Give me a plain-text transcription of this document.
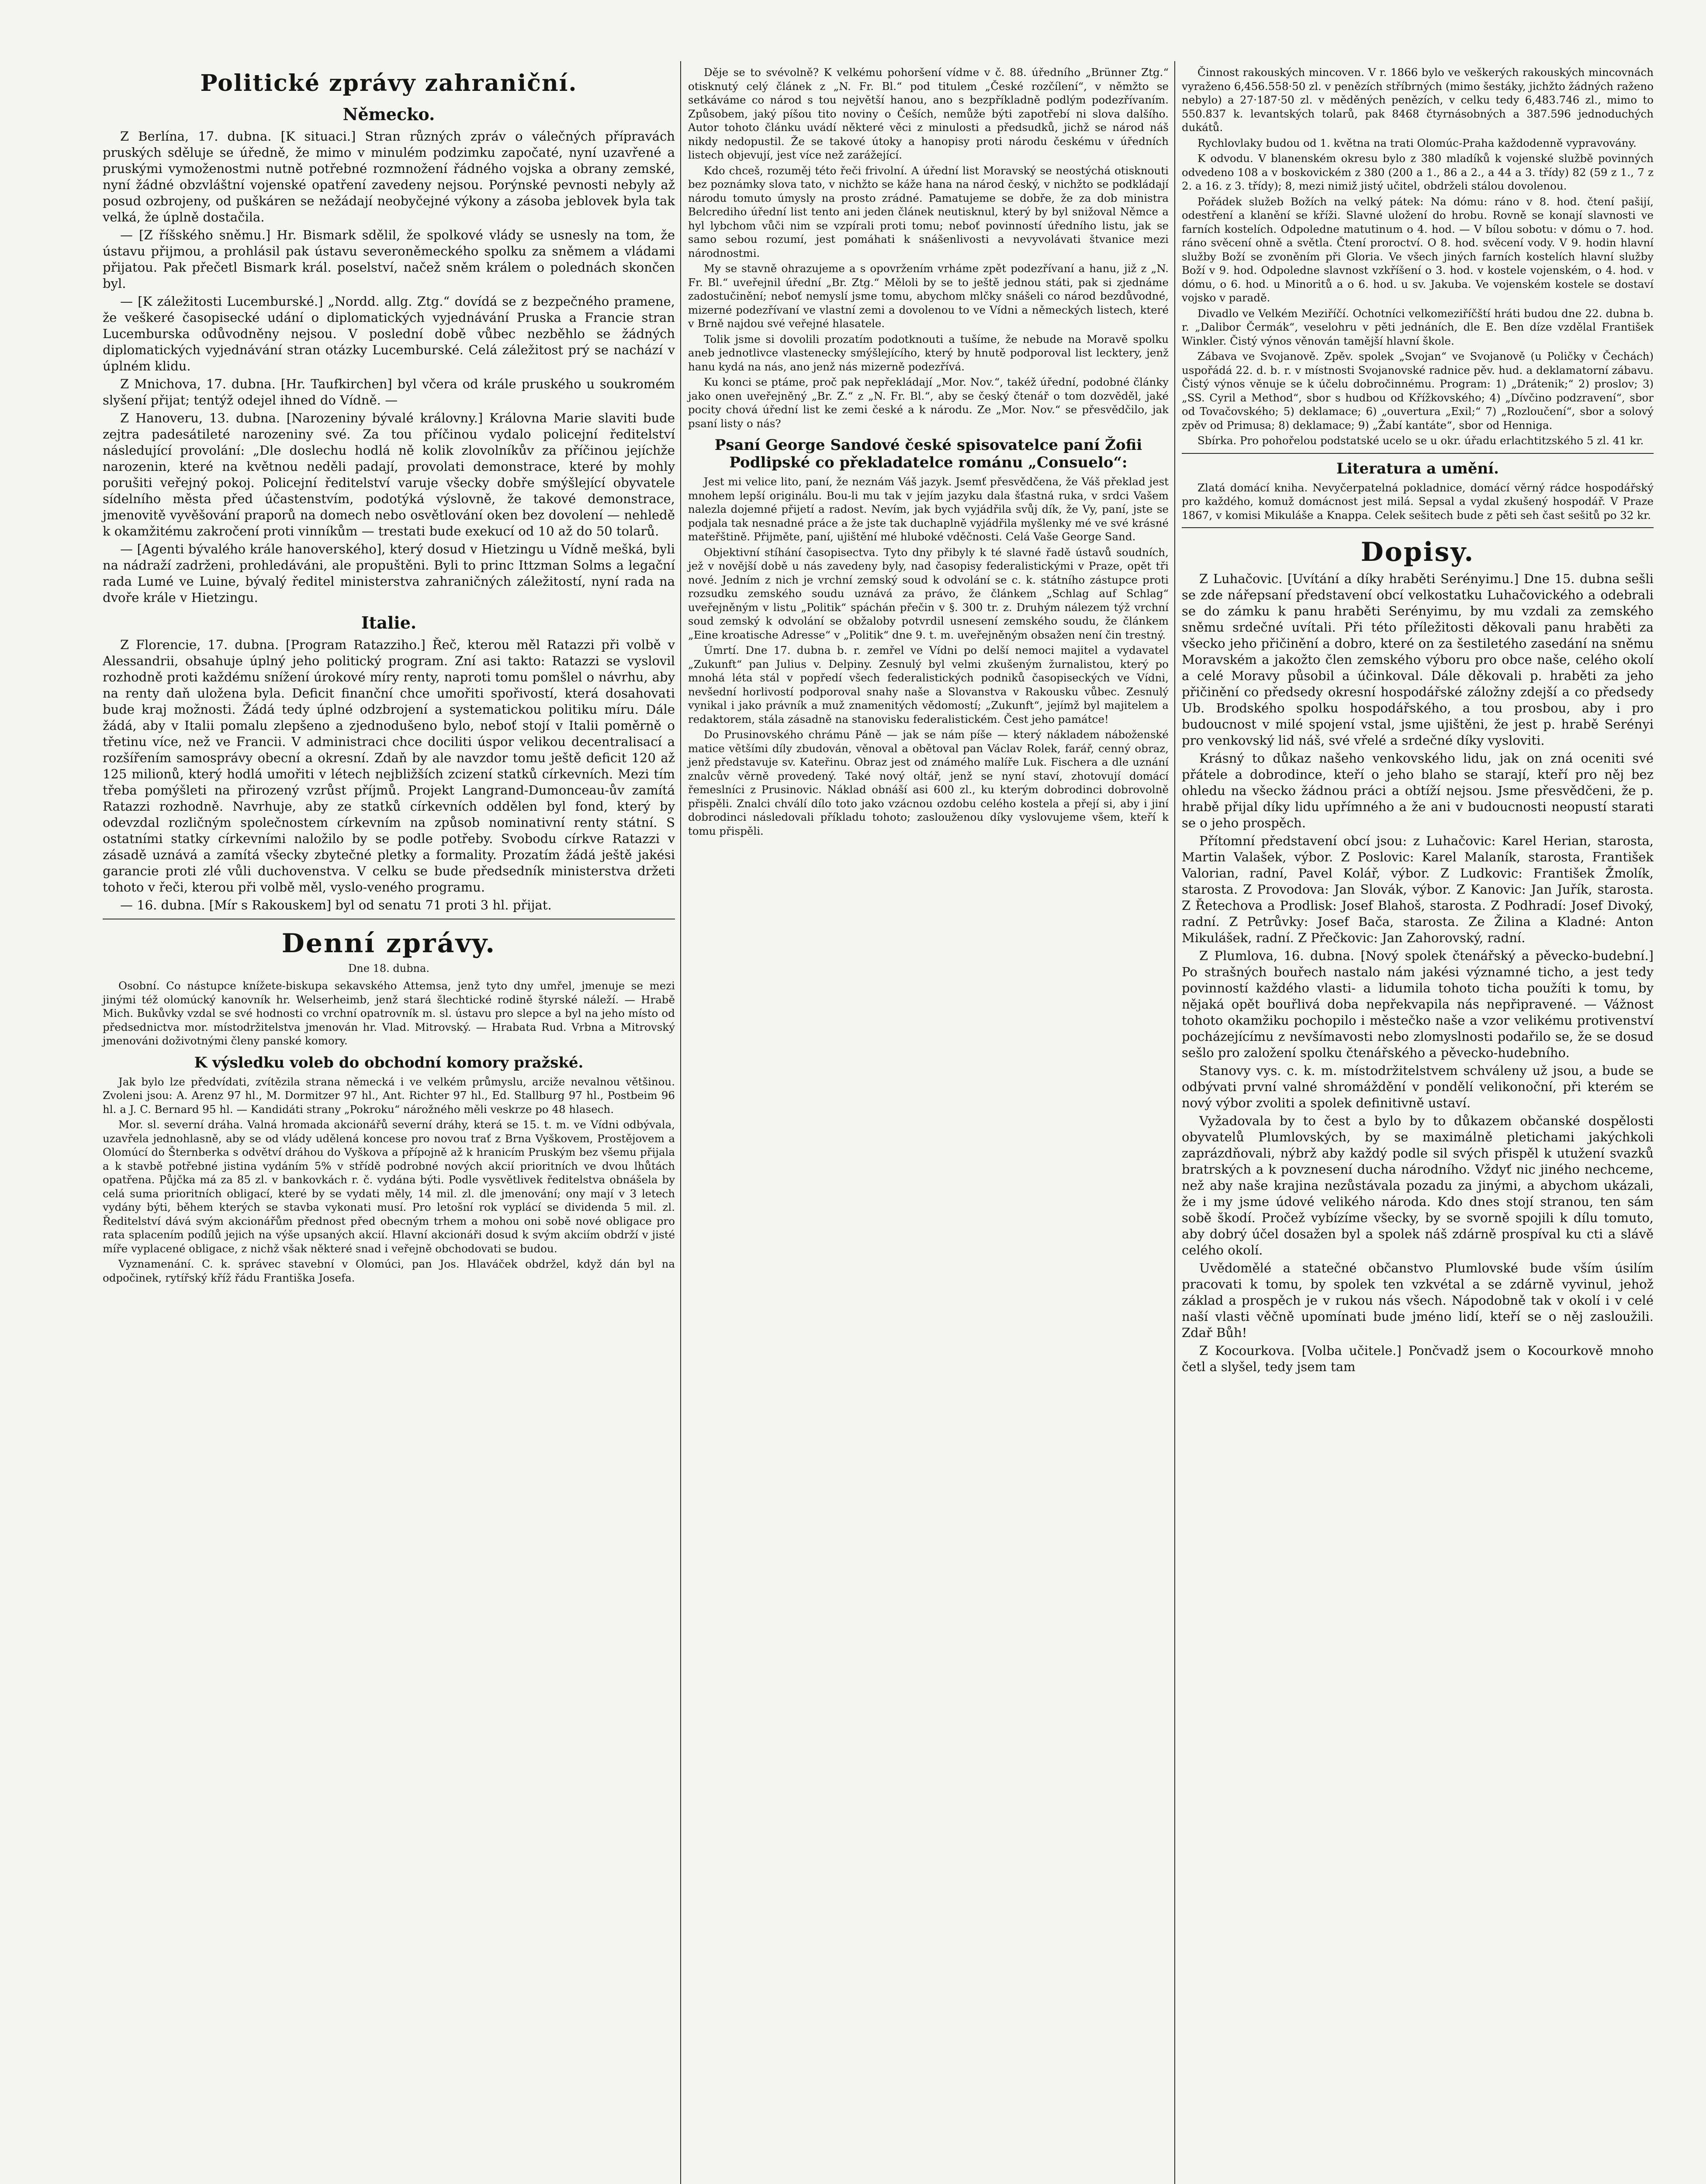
Politické zprávy zahraniční.
Německo.

Z Berlína, 17. dubna. [K situaci.] Stran různých zpráv o válečných přípravách pruských sděluje se úředně, že mimo v minulém podzimku započaté, nyní uzavřené a pruskými vymoženostmi nutně potřebné rozmnožení řádného vojska a obrany zemské, nyní žádné obzvláštní vojenské opatření zavedeny nejsou. Porýnské pevnosti nebyly až posud ozbrojeny, od puškáren se nežádají neobyčejné výkony a zásoba jeblovek byla tak velká, že úplně dostačila.

— [Z říšského sněmu.] Hr. Bismark sdělil, že spolkové vlády se usnesly na tom, že ústavu přijmou, a prohlásil pak ústavu severoněmeckého spolku za sněmem a vládami přijatou. Pak přečetl Bismark král. poselství, načež sněm králem o polednách skončen byl.

— [K záležitosti Lucemburské.] „Nordd. allg. Ztg.“ dovídá se z bezpečného pramene, že veškeré časopisecké udání o diplomatických vyjednávání Pruska a Francie stran Lucemburska odůvodněny nejsou. V poslední době vůbec nezběhlo se žádných diplomatických vyjednávání stran otázky Lucemburské. Celá záležitost prý se nachází v úplném klidu.

Z Mnichova, 17. dubna. [Hr. Taufkirchen] byl včera od krále pruského u soukromém slyšení přijat; tentýž odejel ihned do Vídně. —

Z Hanoveru, 13. dubna. [Narozeniny bývalé královny.] Královna Marie slaviti bude zejtra padesátileté narozeniny své. Za tou příčinou vydalo policejní ředitelství následující provolání: „Dle doslechu hodlá ně kolik zlovolníkův za příčinou jejíchže narozenin, které na květnou neděli padají, provolati demonstrace, které by mohly porušiti veřejný pokoj. Policejní ředitelství varuje všecky dobře smýšlející obyvatele sídelního města před účastenstvím, podotýká výslovně, že takové demonstrace, jmenovitě vyvěšování praporů na domech nebo osvětlování oken bez dovolení — nehledě k okamžitému zakročení proti vinníkům — trestati bude exekucí od 10 až do 50 tolarů.

— [Agenti bývalého krále hanoverského], který dosud v Hietzingu u Vídně mešká, byli na nádraží zadrženi, prohledáváni, ale propuštěni. Byli to princ Ittzman Solms a legační rada Lumé ve Luine, bývalý ředitel ministerstva zahraničných záležitostí, nyní rada na dvoře krále v Hietzingu.

Italie.

Z Florencie, 17. dubna. [Program Ratazziho.] Řeč, kterou měl Ratazzi při volbě v Alessandrii, obsahuje úplný jeho politický program. Zní asi takto: Ratazzi se vyslovil rozhodně proti každému snížení úrokové míry renty, naproti tomu pomšlel o návrhu, aby na renty daň uložena byla. Deficit finanční chce umořiti spořivostí, která dosahovati bude kraj možnosti. Žádá tedy úplné odzbrojení a systematickou politiku míru. Dále žádá, aby v Italii pomalu zlepšeno a zjednodušeno bylo, neboť stojí v Italii poměrně o třetinu více, než ve Francii. V administraci chce dociliti úspor velikou decentralisací a rozšířením samosprávy obecní a okresní. Zdaň by ale navzdor tomu ještě deficit 120 až 125 milionů, který hodlá umořiti v létech nejbližších zcizení statků církevních. Mezi tím třeba pomýšleti na přirozený vzrůst příjmů. Projekt Langrand-Dumonceau-ův zamítá Ratazzi rozhodně. Navrhuje, aby ze statků církevních oddělen byl fond, který by odevzdal rozličným společnostem církevním na způsob nominativní renty státní. S ostatními statky církevními naložilo by se podle potřeby. Svobodu církve Ratazzi v zásadě uznává a zamítá všecky zbytečné pletky a formality. Prozatím žádá ještě jakési garancie proti zlé vůli duchovenstva. V celku se bude předsedník ministerstva držeti tohoto v řeči, kterou při volbě měl, vyslo-veného programu.

— 16. dubna. [Mír s Rakouskem] byl od senatu 71 proti 3 hl. přijat.

Denní zprávy.
Dne 18. dubna.

Osobní. Co nástupce knížete-biskupa sekavského Attemsa, jenž tyto dny umřel, jmenuje se mezi jinými též olomúcký kanovník hr. Welserheimb, jenž stará šlechtické rodině štyrské náleží. — Hrabě Mich. Bukůvky vzdal se své hodnosti co vrchní opatrovník m. sl. ústavu pro slepce a byl na jeho místo od předsednictva mor. místodržitelstva jmenován hr. Vlad. Mitrovský. — Hrabata Rud. Vrbna a Mitrovský jmenováni doživotnými členy panské komory.

K výsledku voleb do obchodní komory pražské.

Jak bylo lze předvídati, zvítězila strana německá i ve velkém průmyslu, arciže nevalnou většinou. Zvoleni jsou: A. Arenz 97 hl., M. Dormitzer 97 hl., Ant. Richter 97 hl., Ed. Stallburg 97 hl., Postbeim 96 hl. a J. C. Bernard 95 hl. — Kandidáti strany „Pokroku“ nárožného měli veskrze po 48 hlasech.

Mor. sl. severní dráha. Valná hromada akcionářů severní dráhy, která se 15. t. m. ve Vídni odbývala, uzavřela jednohlasně, aby se od vlády udělená koncese pro novou trať z Brna Vyškovem, Prostějovem a Olomúcí do Šternberka s odvětví dráhou do Vyškova a přípojně až k hranicím Pruským bez všemu přijala a k stavbě potřebné jistina vydáním 5% v střídě podrobné nových akcií prioritních ve dvou lhůtách opatřena. Půjčka má za 85 zl. v bankovkách r. č. vydána býti. Podle vysvětlivek ředitelstva obnášela by celá suma prioritních obligací, které by se vydati měly, 14 mil. zl. dle jmenování; ony mají v 3 letech vydány býti, během kterých se stavba vykonati musí. Pro letošní rok vyplácí se dividenda 5 mil. zl. Ředitelství dává svým akcionářům přednost před obecným trhem a mohou oni sobě nové obligace pro rata splacením podílů jejich na výše upsaných akcií. Hlavní akcionáři dosud k svým akciím obdrží v jisté míře vyplacené obligace, z nichž však některé snad i veřejně obchodovati se budou.

Vyznamenání. C. k. správec stavební v Olomúci, pan Jos. Hlaváček obdržel, když dán byl na odpočinek, rytířský kříž řádu Františka Josefa.

Děje se to svévolně? K velkému pohoršení vídme v č. 88. úředního „Brünner Ztg.“ otisknutý celý článek z „N. Fr. Bl.“ pod titulem „České rozčílení“, v němžto se setkáváme co národ s tou největší hanou, ano s bezpříkladně podlým podezřívaním. Způsobem, jaký píšou tito noviny o Češích, nemůže býti zapotřebí ni slova dalšího. Autor tohoto článku uvádí některé věci z minulosti a předsudků, jichž se národ náš nikdy nedopustil. Že se takové útoky a hanopisy proti národu českému v úředních listech objevují, jest více než zarážející.

Kdo chceš, rozuměj této řeči frivolní. A úřední list Moravský se neostýchá otisknouti bez poznámky slova tato, v nichžto se káže hana na národ český, v nichžto se podkládají národu tomuto úmysly na prosto zrádné. Pamatujeme se dobře, že za dob ministra Belcrediho úřední list tento ani jeden článek neutisknul, který by byl snižoval Němce a hyl lybchom vůči nim se vzpírali proti tomu; neboť povinností úředního listu, jak se samo sebou rozumí, jest pomáhati k snášenlivosti a nevyvolávati štvanice mezi národnostmi.

My se stavně ohrazujeme a s opovržením vrháme zpět podezřívaní a hanu, již z „N. Fr. Bl.“ uveřejnil úřední „Br. Ztg.“ Měloli by se to ještě jednou státi, pak si zjednáme zadostučinění; neboť nemyslí jsme tomu, abychom mlčky snášeli co národ bezdůvodné, mizerné podezřívaní ve vlastní zemi a dovolenou to ve Vídni a německých listech, které v Brně najdou své veřejné hlasatele.

Tolik jsme si dovolili prozatím podotknouti a tušíme, že nebude na Moravě spolku aneb jednotlivce vlastenecky smýšlejícího, který by hnutě podporoval list lecktery, jenž hanu kydá na nás, ano jenž nás mizerně podezřívá.

Ku konci se ptáme, proč pak nepřekládají „Mor. Nov.“, takéž úřední, podobné články jako onen uveřejněný „Br. Z.“ z „N. Fr. Bl.“, aby se český čtenář o tom dozvěděl, jaké pocity chová úřední list ke zemi české a k národu. Ze „Mor. Nov.“ se přesvědčilo, jak psaní listy o nás?

Psaní George Sandové české spisovatelce paní Žofii Podlipské co překladatelce románu „Consuelo“:

Jest mi velice lito, paní, že neznám Váš jazyk. Jsemť přesvědčena, že Váš překlad jest mnohem lepší originálu. Bou-li mu tak v jejím jazyku dala šťastná ruka, v srdci Vašem nalezla dojemné přijetí a radost. Nevím, jak bych vyjádřila svůj dík, že Vy, paní, jste se podjala tak nesnadné práce a že jste tak duchaplně vyjádřila myšlenky mé ve své krásné mateřštině. Přijměte, paní, ujištění mé hluboké vděčnosti. Celá Vaše George Sand.

Objektivní stíhání časopisectva. Tyto dny přibyly k té slavné řadě ústavů soudních, jež v novější době u nás zavedeny byly, nad časopisy federalistickými v Praze, opět tři nové. Jedním z nich je vrchní zemský soud k odvolání se c. k. státního zástupce proti rozsudku zemského soudu uznává za právo, že článkem „Schlag auf Schlag“ uveřejněným v listu „Politik“ spáchán přečin v §. 300 tr. z. Druhým nálezem týž vrchní soud zemský k odvolání se obžaloby potvrdil usnesení zemského soudu, že článkem „Eine kroatische Adresse“ v „Politik“ dne 9. t. m. uveřejněným obsažen není čin trestný.

Úmrtí. Dne 17. dubna b. r. zemřel ve Vídni po delší nemoci majitel a vydavatel „Zukunft“ pan Julius v. Delpiny. Zesnulý byl velmi zkušeným žurnalistou, který po mnohá léta stál v popředí všech federalistických podniků časopiseckých ve Vídni, nevšední horlivostí podporoval snahy naše a Slovanstva v Rakousku vůbec. Zesnulý vynikal i jako právník a muž znamenitých vědomostí; „Zukunft“, jejímž byl majitelem a redaktorem, stála zásadně na stanovisku federalistickém. Čest jeho památce!

Do Prusinovského chrámu Páně — jak se nám píše — který nákladem náboženské matice většími díly zbudován, věnoval a obětoval pan Václav Rolek, farář, cenný obraz, jenž představuje sv. Kateřinu. Obraz jest od známého malíře Luk. Fischera a dle uznání znalcův věrně provedený. Také nový oltář, jenž se nyní staví, zhotovují domácí řemeslníci z Prusinovic. Náklad obnáší asi 600 zl., ku kterým dobrodinci dobrovolně přispěli. Znalci chválí dílo toto jako vzácnou ozdobu celého kostela a přejí si, aby i jiní dobrodinci následovali příkladu tohoto; zaslouženou díky vyslovujeme všem, kteří k tomu přispěli.

Činnost rakouských mincoven. V r. 1866 bylo ve veškerých rakouských mincovnách vyraženo 6,456.558·50 zl. v penězích stříbrných (mimo šestáky, jichžto žádných raženo nebylo) a 27·187·50 zl. v měděných penězích, v celku tedy 6,483.746 zl., mimo to 550.837 k. levantských tolarů, pak 8468 čtyrnásobných a 387.596 jednoduchých dukátů.

Rychlovlaky budou od 1. května na trati Olomúc-Praha každodenně vypravovány.

K odvodu. V blanenském okresu bylo z 380 mladíků k vojenské službě povinných odvedeno 108 a v boskovickém z 380 (200 a 1., 86 a 2., a 44 a 3. třídy) 82 (59 z 1., 7 z 2. a 16. z 3. třídy); 8, mezi nimiž jistý učitel, obdrželi stálou dovolenou.

Pořádek služeb Božích na velký pátek: Na dómu: ráno v 8. hod. čtení pašijí, odestření a klanění se kříži. Slavné uložení do hrobu. Rovně se konají slavnosti ve farních kostelích. Odpoledne matutinum o 4. hod. — V bílou sobotu: v dómu o 7. hod. ráno svěcení ohně a světla. Čtení proroctví. O 8. hod. svěcení vody. V 9. hodin hlavní služby Boží se zvoněním při Gloria. Ve všech jiných farních kostelích hlavní služby Boží v 9. hod. Odpoledne slavnost vzkříšení o 3. hod. v kostele vojenském, o 4. hod. v dómu, o 6. hod. u Minoritů a o 6. hod. u sv. Jakuba. Ve vojenském kostele se dostaví vojsko v paradě.

Divadlo ve Velkém Meziříčí. Ochotníci velkomeziříčští hráti budou dne 22. dubna b. r. „Dalibor Čermák“, veselohru v pěti jednáních, dle E. Ben díze vzdělal František Winkler. Čistý výnos věnován tamější hlavní škole.

Zábava ve Svojanově. Zpěv. spolek „Svojan“ ve Svojanově (u Poličky v Čechách) uspořádá 22. d. b. r. v místnosti Svojanovské radnice pěv. hud. a deklamatorní zábavu. Čistý výnos věnuje se k účelu dobročinnému. Program: 1) „Drátenik;“ 2) proslov; 3) „SS. Cyril a Method“, sbor s hudbou od Křížkovského; 4) „Dívčino podzravení“, sbor od Tovačovského; 5) deklamace; 6) „ouvertura „Exil;“ 7) „Rozloučení“, sbor a solový zpěv od Primusa; 8) deklamace; 9) „Žabí kantáte“, sbor od Henniga.

Sbírka. Pro pohořelou podstatské ucelo se u okr. úřadu erlachtitzského 5 zl. 41 kr.

Literatura a umění.

Zlatá domácí kniha. Nevyčerpatelná pokladnice, domácí věrný rádce hospodářský pro každého, komuž domácnost jest milá. Sepsal a vydal zkušený hospodář. V Praze 1867, v komisi Mikuláše a Knappa. Celek sešitech bude z pěti seh čast sešitů po 32 kr.

Dopisy.

Z Luhačovic. [Uvítání a díky hraběti Serényimu.] Dne 15. dubna sešli se zde nářepsaní představení obcí velkostatku Luhačovického a odebrali se do zámku k panu hraběti Serényimu, by mu vzdali za zemského sněmu srdečné uvítali. Při této příležitosti děkovali panu hraběti za všecko jeho přičinění a dobro, které on za šestiletého zasedání na sněmu Moravském a jakožto člen zemského výboru pro obce naše, celého okolí a celé Moravy působil a účinkoval. Dále děkovali p. hraběti za jeho přičinění co předsedy okresní hospodářské záložny zdejší a co předsedy Ub. Brodského spolku hospodářského, a tou prosbou, aby i pro budoucnost v milé spojení vstal, jsme ujištěni, že jest p. hrabě Serényi pro venkovský lid náš, své vřelé a srdečné díky vysloviti.

Krásný to důkaz našeho venkovského lidu, jak on zná oceniti své přátele a dobrodince, kteří o jeho blaho se starají, kteří pro něj bez ohledu na všecko žádnou práci a obtíží nejsou. Jsme přesvědčeni, že p. hrabě přijal díky lidu upřímného a že ani v budoucnosti neopustí starati se o jeho prospěch.

Přítomní představení obcí jsou: z Luhačovic: Karel Herian, starosta, Martin Valašek, výbor. Z Poslovic: Karel Malaník, starosta, František Valorian, radní, Pavel Kolář, výbor. Z Ludkovic: František Žmolík, starosta. Z Provodova: Jan Slovák, výbor. Z Kanovic: Jan Juřík, starosta. Z Řetechova a Prodlisk: Josef Blahoš, starosta. Z Podhradí: Josef Divoký, radní. Z Petrůvky: Josef Bača, starosta. Ze Žilina a Kladné: Anton Mikulášek, radní. Z Přečkovic: Jan Zahorovský, radní.

Z Plumlova, 16. dubna. [Nový spolek čtenářský a pěvecko-budební.] Po strašných bouřech nastalo nám jakési významné ticho, a jest tedy povinností každého vlasti- a lidumila tohoto ticha použíti k tomu, by nějaká opět bouřlivá doba nepřekvapila nás nepřipravené. — Vážnost tohoto okamžiku pochopilo i městečko naše a vzor velikému protivenství pocházejícímu z nevšímavosti nebo zlomyslnosti podařilo se, že se dosud sešlo pro založení spolku čtenářského a pěvecko-hudebního.

Stanovy vys. c. k. m. místodržitelstvem schváleny už jsou, a bude se odbývati první valné shromáždění v pondělí velikonoční, při kterém se nový výbor zvoliti a spolek definitivně ustaví.

Vyžadovala by to čest a bylo by to důkazem občanské dospělosti obyvatelů Plumlovských, by se maximálně pletichami jakýchkoli zaprázdňovali, nýbrž aby každý podle sil svých přispěl k utužení svazků bratrských a k povznesení ducha národního. Vždyť nic jiného nechceme, než aby naše krajina nezůstávala pozadu za jinými, a abychom ukázali, že i my jsme údové velikého národa. Kdo dnes stojí stranou, ten sám sobě škodí. Pročež vybízíme všecky, by se svorně spojili k dílu tomuto, aby dobrý účel dosažen byl a spolek náš zdárně prospíval ku cti a slávě celého okolí.

Uvědomělé a statečné občanstvo Plumlovské bude vším úsilím pracovati k tomu, by spolek ten vzkvétal a se zdárně vyvinul, jehož základ a prospěch je v rukou nás všech. Nápodobně tak v okolí i v celé naší vlasti věčně upomínati bude jméno lidí, kteří se o něj zasloužili. Zdař Bůh!

Z Kocourkova. [Volba učitele.] Pončvadž jsem o Kocourkově mnoho četl a slyšel, tedy jsem tam
